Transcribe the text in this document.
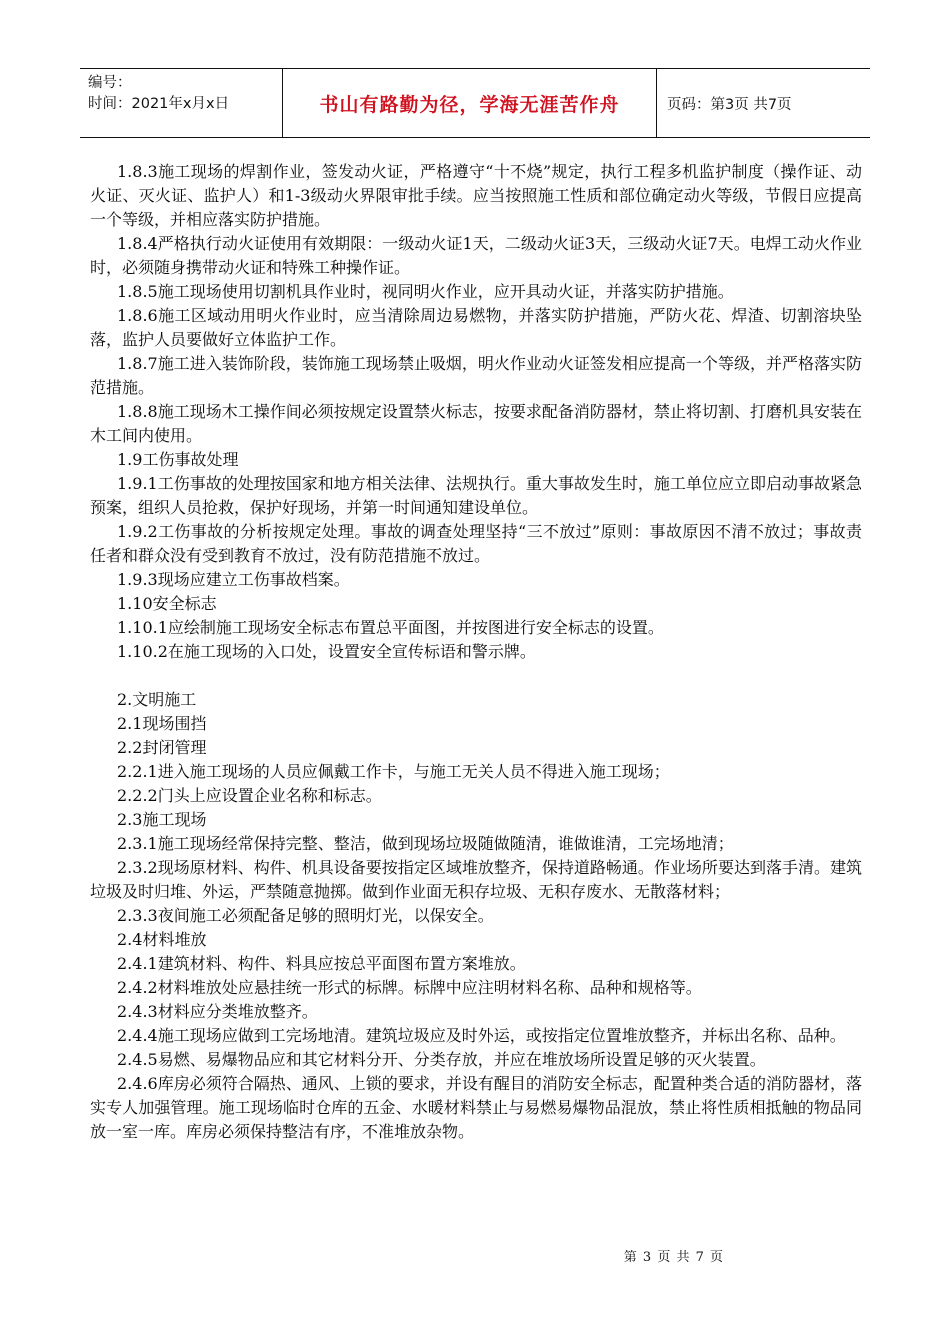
编号：
时间：2021年x月x日	书山有路勤为径，学海无涯苦作舟	页码：第3页 共7页

1.8.3施工现场的焊割作业，签发动火证，严格遵守“十不烧”规定，执行工程多机监护制度（操作证、动火证、灭火证、监护人）和1-3级动火界限审批手续。应当按照施工性质和部位确定动火等级，节假日应提高一个等级，并相应落实防护措施。

1.8.4严格执行动火证使用有效期限：一级动火证1天，二级动火证3天，三级动火证7天。电焊工动火作业时，必须随身携带动火证和特殊工种操作证。

1.8.5施工现场使用切割机具作业时，视同明火作业，应开具动火证，并落实防护措施。

1.8.6施工区域动用明火作业时，应当清除周边易燃物，并落实防护措施，严防火花、焊渣、切割溶块坠落，监护人员要做好立体监护工作。

1.8.7施工进入装饰阶段，装饰施工现场禁止吸烟，明火作业动火证签发相应提高一个等级，并严格落实防范措施。

1.8.8施工现场木工操作间必须按规定设置禁火标志，按要求配备消防器材，禁止将切割、打磨机具安装在木工间内使用。

1.9工伤事故处理

1.9.1工伤事故的处理按国家和地方相关法律、法规执行。重大事故发生时，施工单位应立即启动事故紧急预案，组织人员抢救，保护好现场，并第一时间通知建设单位。

1.9.2工伤事故的分析按规定处理。事故的调查处理坚持“三不放过”原则：事故原因不清不放过；事故责任者和群众没有受到教育不放过，没有防范措施不放过。

1.9.3现场应建立工伤事故档案。

1.10安全标志

1.10.1应绘制施工现场安全标志布置总平面图，并按图进行安全标志的设置。

1.10.2在施工现场的入口处，设置安全宣传标语和警示牌。

2.文明施工

2.1现场围挡

2.2封闭管理

2.2.1进入施工现场的人员应佩戴工作卡，与施工无关人员不得进入施工现场；

2.2.2门头上应设置企业名称和标志。

2.3施工现场

2.3.1施工现场经常保持完整、整洁，做到现场垃圾随做随清，谁做谁清，工完场地清；

2.3.2现场原材料、构件、机具设备要按指定区域堆放整齐，保持道路畅通。作业场所要达到落手清。建筑垃圾及时归堆、外运，严禁随意抛掷。做到作业面无积存垃圾、无积存废水、无散落材料；

2.3.3夜间施工必须配备足够的照明灯光，以保安全。

2.4材料堆放

2.4.1建筑材料、构件、料具应按总平面图布置方案堆放。

2.4.2材料堆放处应悬挂统一形式的标牌。标牌中应注明材料名称、品种和规格等。

2.4.3材料应分类堆放整齐。

2.4.4施工现场应做到工完场地清。建筑垃圾应及时外运，或按指定位置堆放整齐，并标出名称、品种。

2.4.5易燃、易爆物品应和其它材料分开、分类存放，并应在堆放场所设置足够的灭火装置。

2.4.6库房必须符合隔热、通风、上锁的要求，并设有醒目的消防安全标志，配置种类合适的消防器材，落实专人加强管理。施工现场临时仓库的五金、水暖材料禁止与易燃易爆物品混放，禁止将性质相抵触的物品同放一室一库。库房必须保持整洁有序，不准堆放杂物。

第 3 页 共 7 页
